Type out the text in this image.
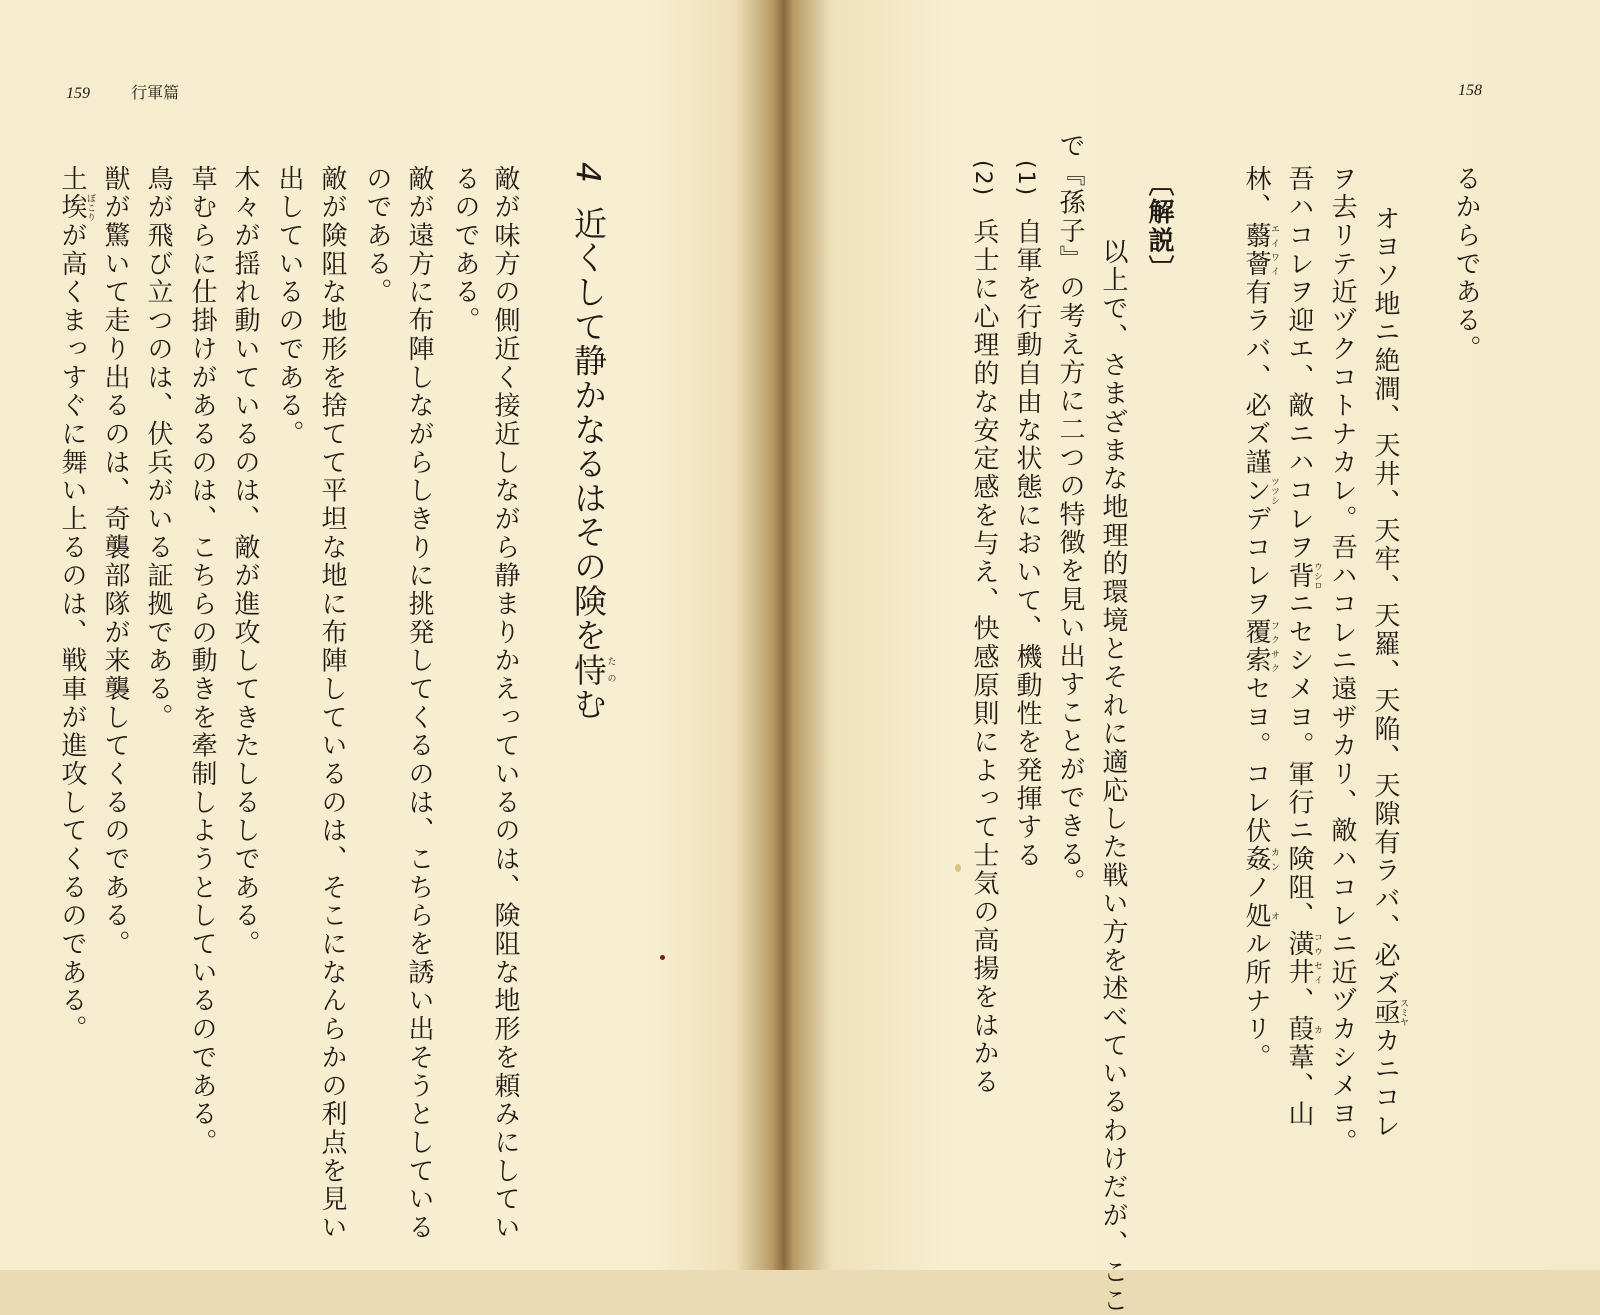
159	行軍篇	158
るからである。
オヨソ地ニ絶澗、天井、天牢、天羅、天陥、天隙有ラバ、必ズ亟スミヤカニコレ
ヲ去リテ近ヅクコトナカレ。吾ハコレニ遠ザカリ、敵ハコレニ近ヅカシメヨ。
吾ハコレヲ迎エ、敵ニハコレヲ背ウシロニセシメヨ。軍行ニ険阻、潢井コウセイ、葭カ葦、山
林、蘙薈エイワイ有ラバ、必ズ謹ンツツシデコレヲ覆索フクサクセヨ。コレ伏姦カンノ処オル所ナリ。
〔解説〕
以上で、さまざまな地理的環境とそれに適応した戦い方を述べているわけだが、ここ
で『孫子』の考え方に二つの特徴を見い出すことができる。
(1)
自軍を行動自由な状態において、機動性を発揮する
(2)
兵士に心理的な安定感を与え、快感原則によって士気の高揚をはかる
4近くして静かなるはその険を恃たのむ
敵が味方の側近く接近しながら静まりかえっているのは、険阻な地形を頼みにしてい
るのである。
敵が遠方に布陣しながらしきりに挑発してくるのは、こちらを誘い出そうとしている
のである。
敵が険阻な地形を捨てて平坦な地に布陣しているのは、そこになんらかの利点を見い
出しているのである。
木々が揺れ動いているのは、敵が進攻してきたしるしである。
草むらに仕掛けがあるのは、こちらの動きを牽制しようとしているのである。
鳥が飛び立つのは、伏兵がいる証拠である。
獣が驚いて走り出るのは、奇襲部隊が来襲してくるのである。
土埃ぼこりが高くまっすぐに舞い上るのは、戦車が進攻してくるのである。
